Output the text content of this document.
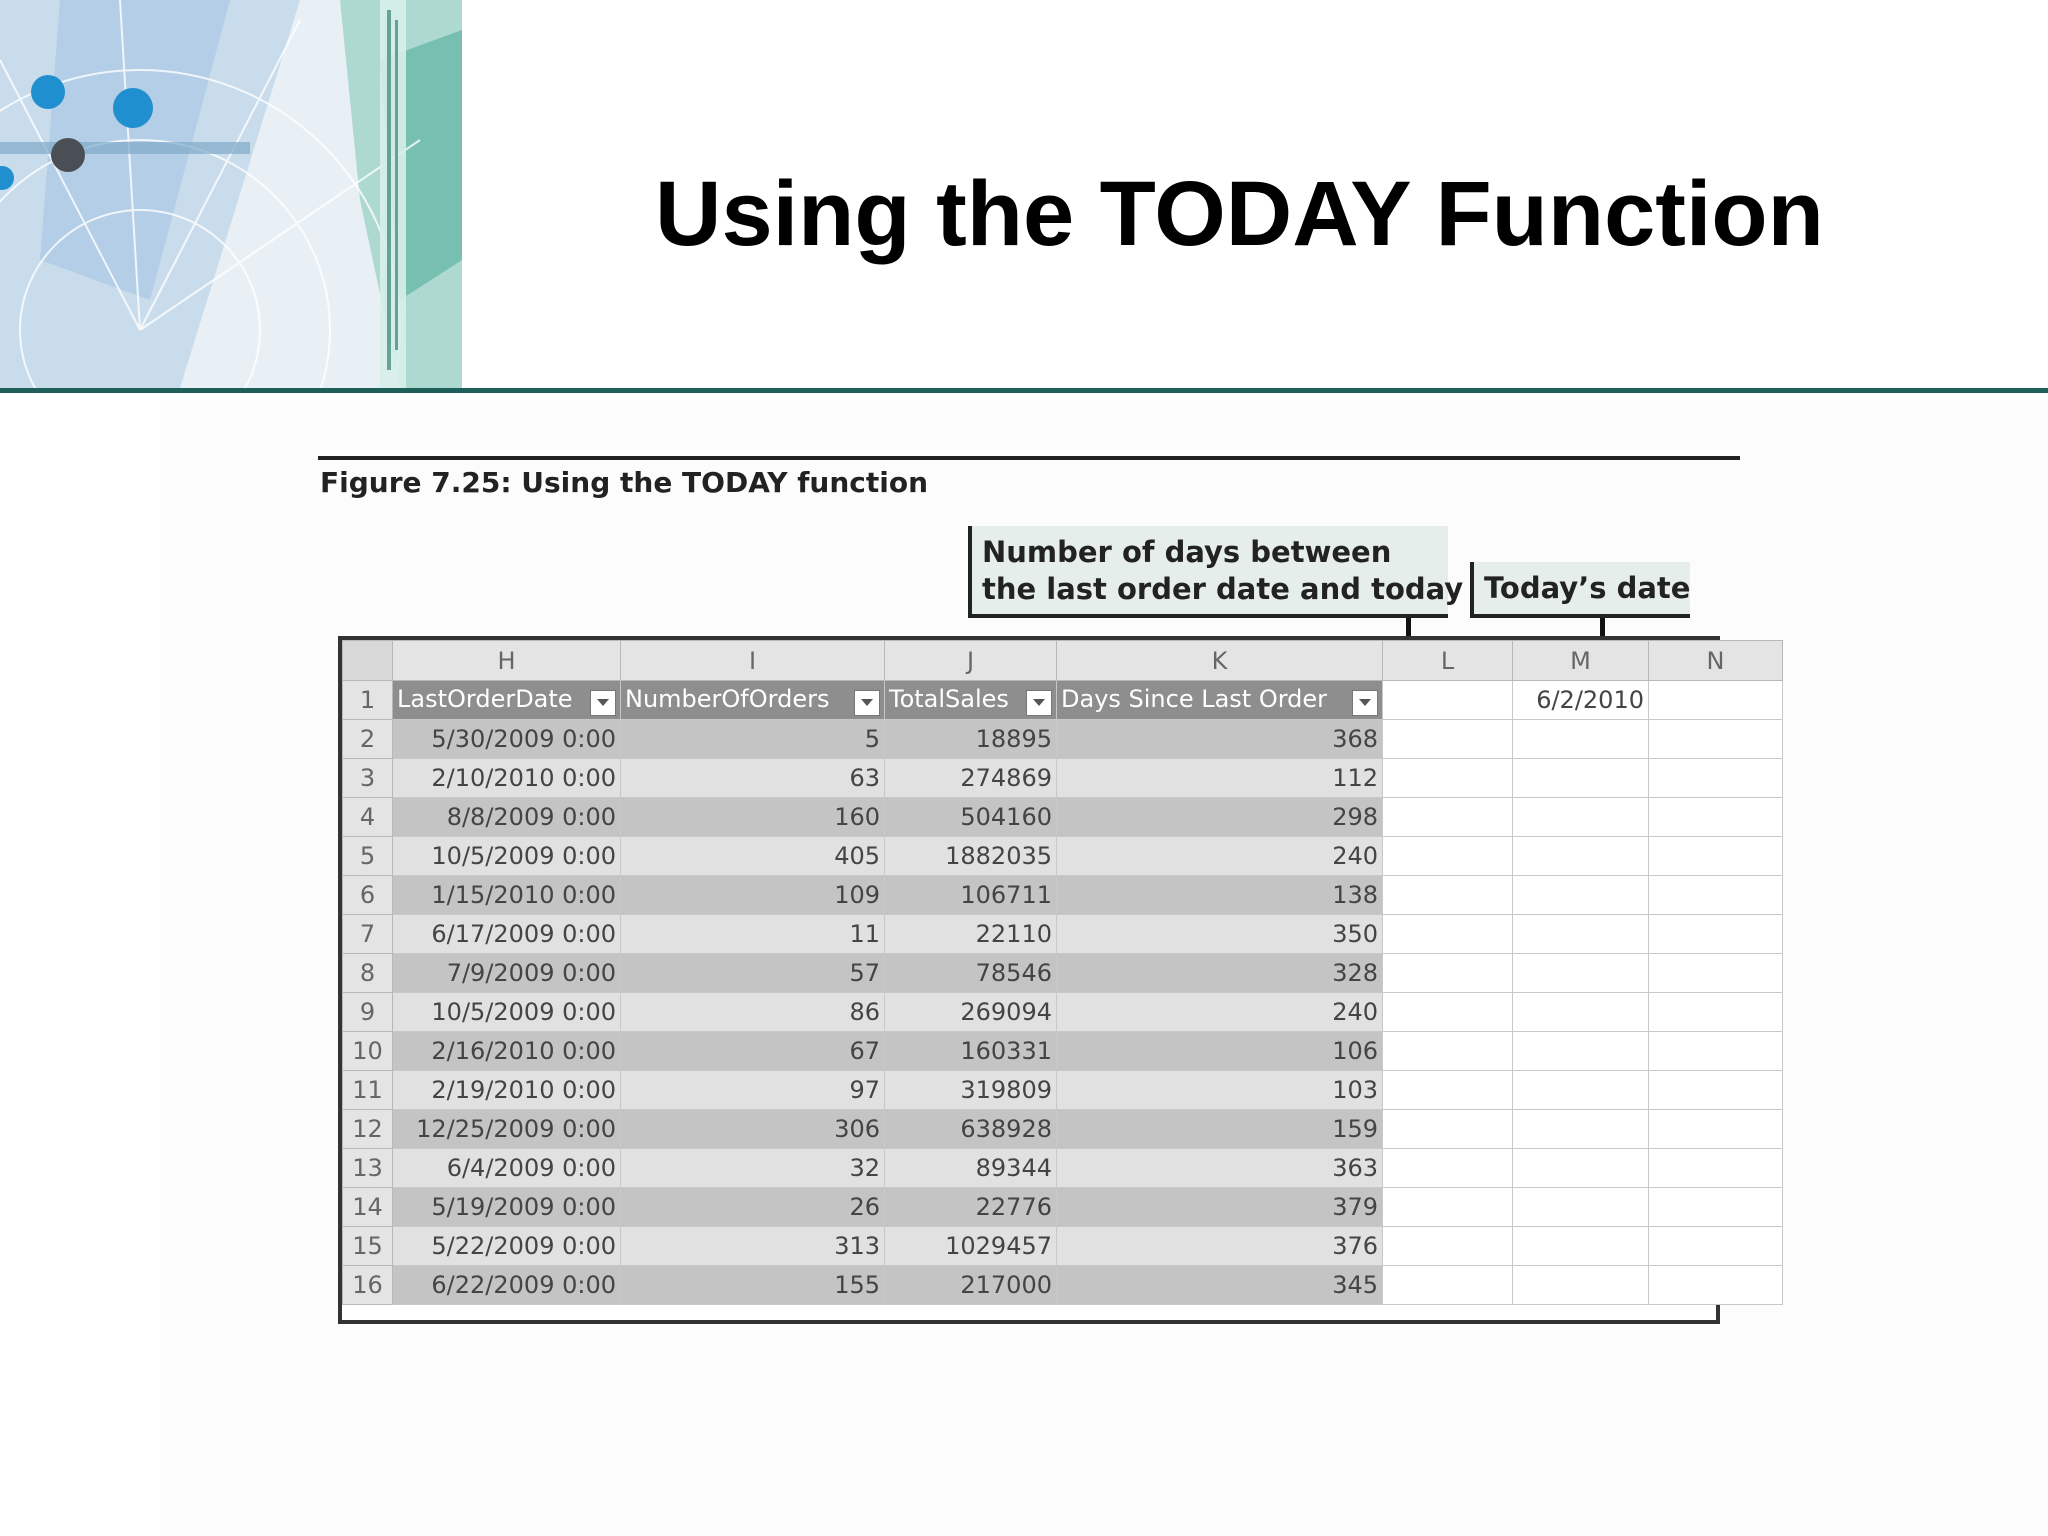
Using the TODAY Function
Figure 7.25: Using the TODAY function
Number of days between
the last order date and today Today’s date
	H	I	J	K	L	M	N
1	LastOrderDate	NumberOfOrders	TotalSales	Days Since Last Order		6/2/2010	
2	5/30/2009 0:00	5	18895	368			
3	2/10/2010 0:00	63	274869	112			
4	8/8/2009 0:00	160	504160	298			
5	10/5/2009 0:00	405	1882035	240			
6	1/15/2010 0:00	109	106711	138			
7	6/17/2009 0:00	11	22110	350			
8	7/9/2009 0:00	57	78546	328			
9	10/5/2009 0:00	86	269094	240			
10	2/16/2010 0:00	67	160331	106			
11	2/19/2010 0:00	97	319809	103			
12	12/25/2009 0:00	306	638928	159			
13	6/4/2009 0:00	32	89344	363			
14	5/19/2009 0:00	26	22776	379			
15	5/22/2009 0:00	313	1029457	376			
16	6/22/2009 0:00	155	217000	345			
